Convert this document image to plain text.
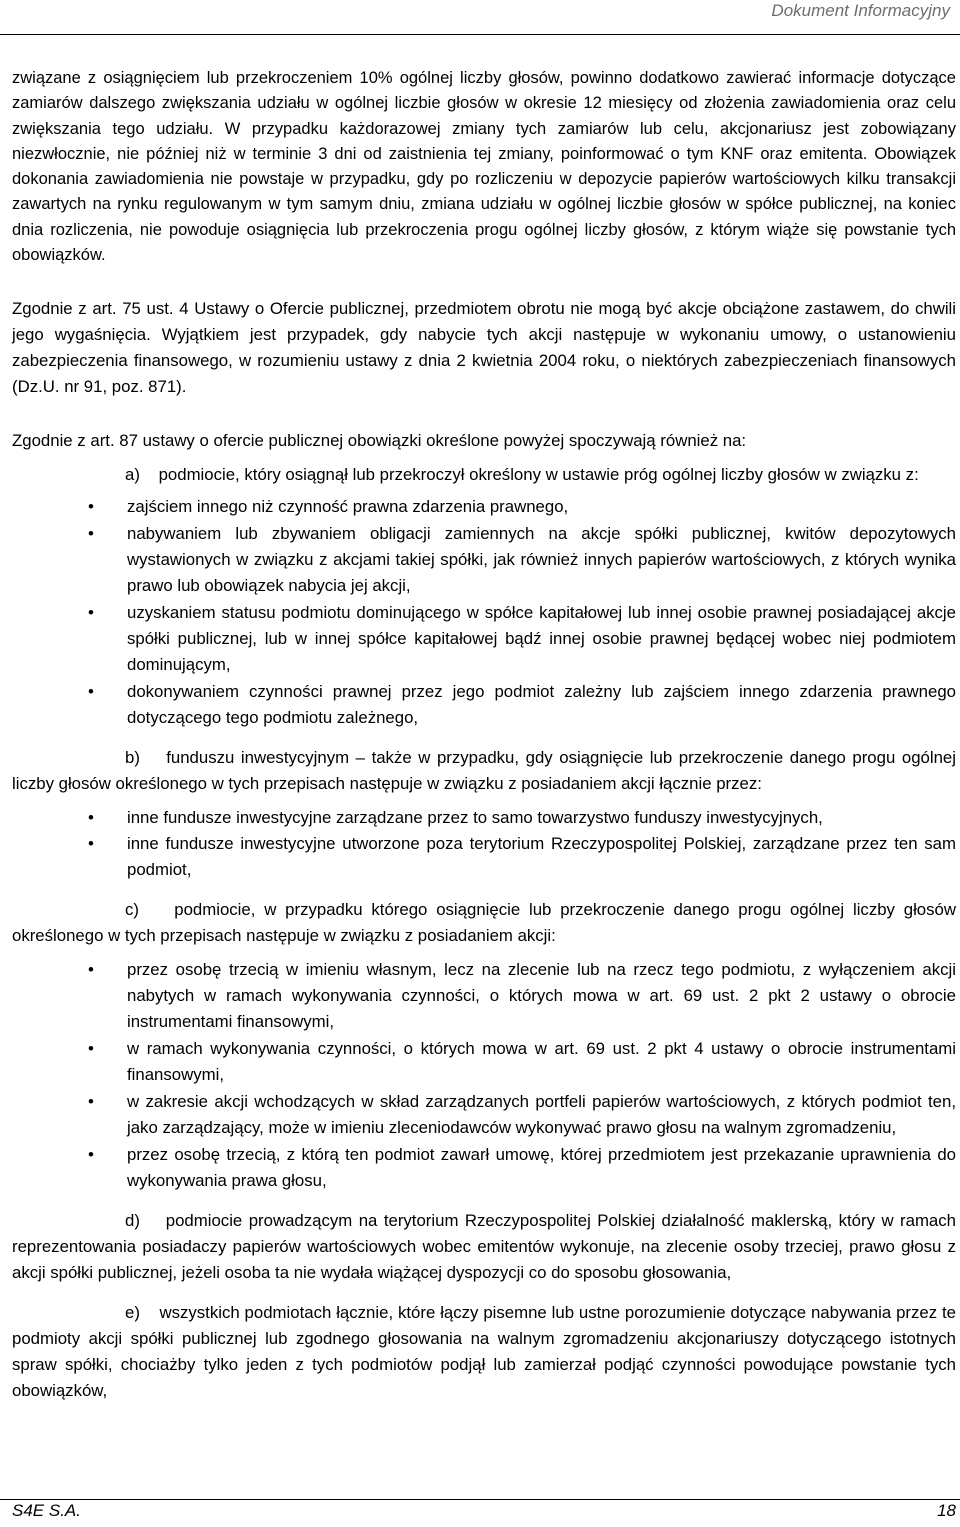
Dokument Informacyjny

związane z osiągnięciem lub przekroczeniem 10% ogólnej liczby głosów, powinno dodatkowo zawierać informacje dotyczące zamiarów dalszego zwiększania udziału w ogólnej liczbie głosów w okresie 12 miesięcy od złożenia zawiadomienia oraz celu zwiększania tego udziału. W przypadku każdorazowej zmiany tych zamiarów lub celu, akcjonariusz jest zobowiązany niezwłocznie, nie później niż w terminie 3 dni od zaistnienia tej zmiany, poinformować o tym KNF oraz emitenta. Obowiązek dokonania zawiadomienia nie powstaje w przypadku, gdy po rozliczeniu w depozycie papierów wartościowych kilku transakcji zawartych na rynku regulowanym w tym samym dniu, zmiana udziału w ogólnej liczbie głosów w spółce publicznej, na koniec dnia rozliczenia, nie powoduje osiągnięcia lub przekroczenia progu ogólnej liczby głosów, z którym wiąże się powstanie tych obowiązków.

Zgodnie z art. 75 ust. 4 Ustawy o Ofercie publicznej, przedmiotem obrotu nie mogą być akcje obciążone zastawem, do chwili jego wygaśnięcia. Wyjątkiem jest przypadek, gdy nabycie tych akcji następuje w wykonaniu umowy, o ustanowieniu zabezpieczenia finansowego, w rozumieniu ustawy z dnia 2 kwietnia 2004 roku, o niektórych zabezpieczeniach finansowych (Dz.U. nr 91, poz. 871).

Zgodnie z art. 87 ustawy o ofercie publicznej obowiązki określone powyżej spoczywają również na:

a)    podmiocie, który osiągnął lub przekroczył określony w ustawie próg ogólnej liczby głosów w związku z:

• zajściem innego niż czynność prawna zdarzenia prawnego,
• nabywaniem lub zbywaniem obligacji zamiennych na akcje spółki publicznej, kwitów depozytowych wystawionych w związku z akcjami takiej spółki, jak również innych papierów wartościowych, z których wynika prawo lub obowiązek nabycia jej akcji,
• uzyskaniem statusu podmiotu dominującego w spółce kapitałowej lub innej osobie prawnej posiadającej akcje spółki publicznej, lub w innej spółce kapitałowej bądź innej osobie prawnej będącej wobec niej podmiotem dominującym,
• dokonywaniem czynności prawnej przez jego podmiot zależny lub zajściem innego zdarzenia prawnego dotyczącego tego podmiotu zależnego,

b)    funduszu inwestycyjnym – także w przypadku, gdy osiągnięcie lub przekroczenie danego progu ogólnej liczby głosów określonego w tych przepisach następuje w związku z posiadaniem akcji łącznie przez:

• inne fundusze inwestycyjne zarządzane przez to samo towarzystwo funduszy inwestycyjnych,
• inne fundusze inwestycyjne utworzone poza terytorium Rzeczypospolitej Polskiej, zarządzane przez ten sam podmiot,

c)    podmiocie, w przypadku którego osiągnięcie lub przekroczenie danego progu ogólnej liczby głosów określonego w tych przepisach następuje w związku z posiadaniem akcji:

• przez osobę trzecią w imieniu własnym, lecz na zlecenie lub na rzecz tego podmiotu, z wyłączeniem akcji nabytych w ramach wykonywania czynności, o których mowa w art. 69 ust. 2 pkt 2 ustawy o obrocie instrumentami finansowymi,
• w ramach wykonywania czynności, o których mowa w art. 69 ust. 2 pkt 4 ustawy o obrocie instrumentami finansowymi,
• w zakresie akcji wchodzących w skład zarządzanych portfeli papierów wartościowych, z których podmiot ten, jako zarządzający, może w imieniu zleceniodawców wykonywać prawo głosu na walnym zgromadzeniu,
• przez osobę trzecią, z którą ten podmiot zawarł umowę, której przedmiotem jest przekazanie uprawnienia do wykonywania prawa głosu,

d)    podmiocie prowadzącym na terytorium Rzeczypospolitej Polskiej działalność maklerską, który w ramach reprezentowania posiadaczy papierów wartościowych wobec emitentów wykonuje, na zlecenie osoby trzeciej, prawo głosu z akcji spółki publicznej, jeżeli osoba ta nie wydała wiążącej dyspozycji co do sposobu głosowania,

e)    wszystkich podmiotach łącznie, które łączy pisemne lub ustne porozumienie dotyczące nabywania przez te podmioty akcji spółki publicznej lub zgodnego głosowania na walnym zgromadzeniu akcjonariuszy dotyczącego istotnych spraw spółki, chociażby tylko jeden z tych podmiotów podjął lub zamierzał podjąć czynności powodujące powstanie tych obowiązków,

S4E S.A.	18
